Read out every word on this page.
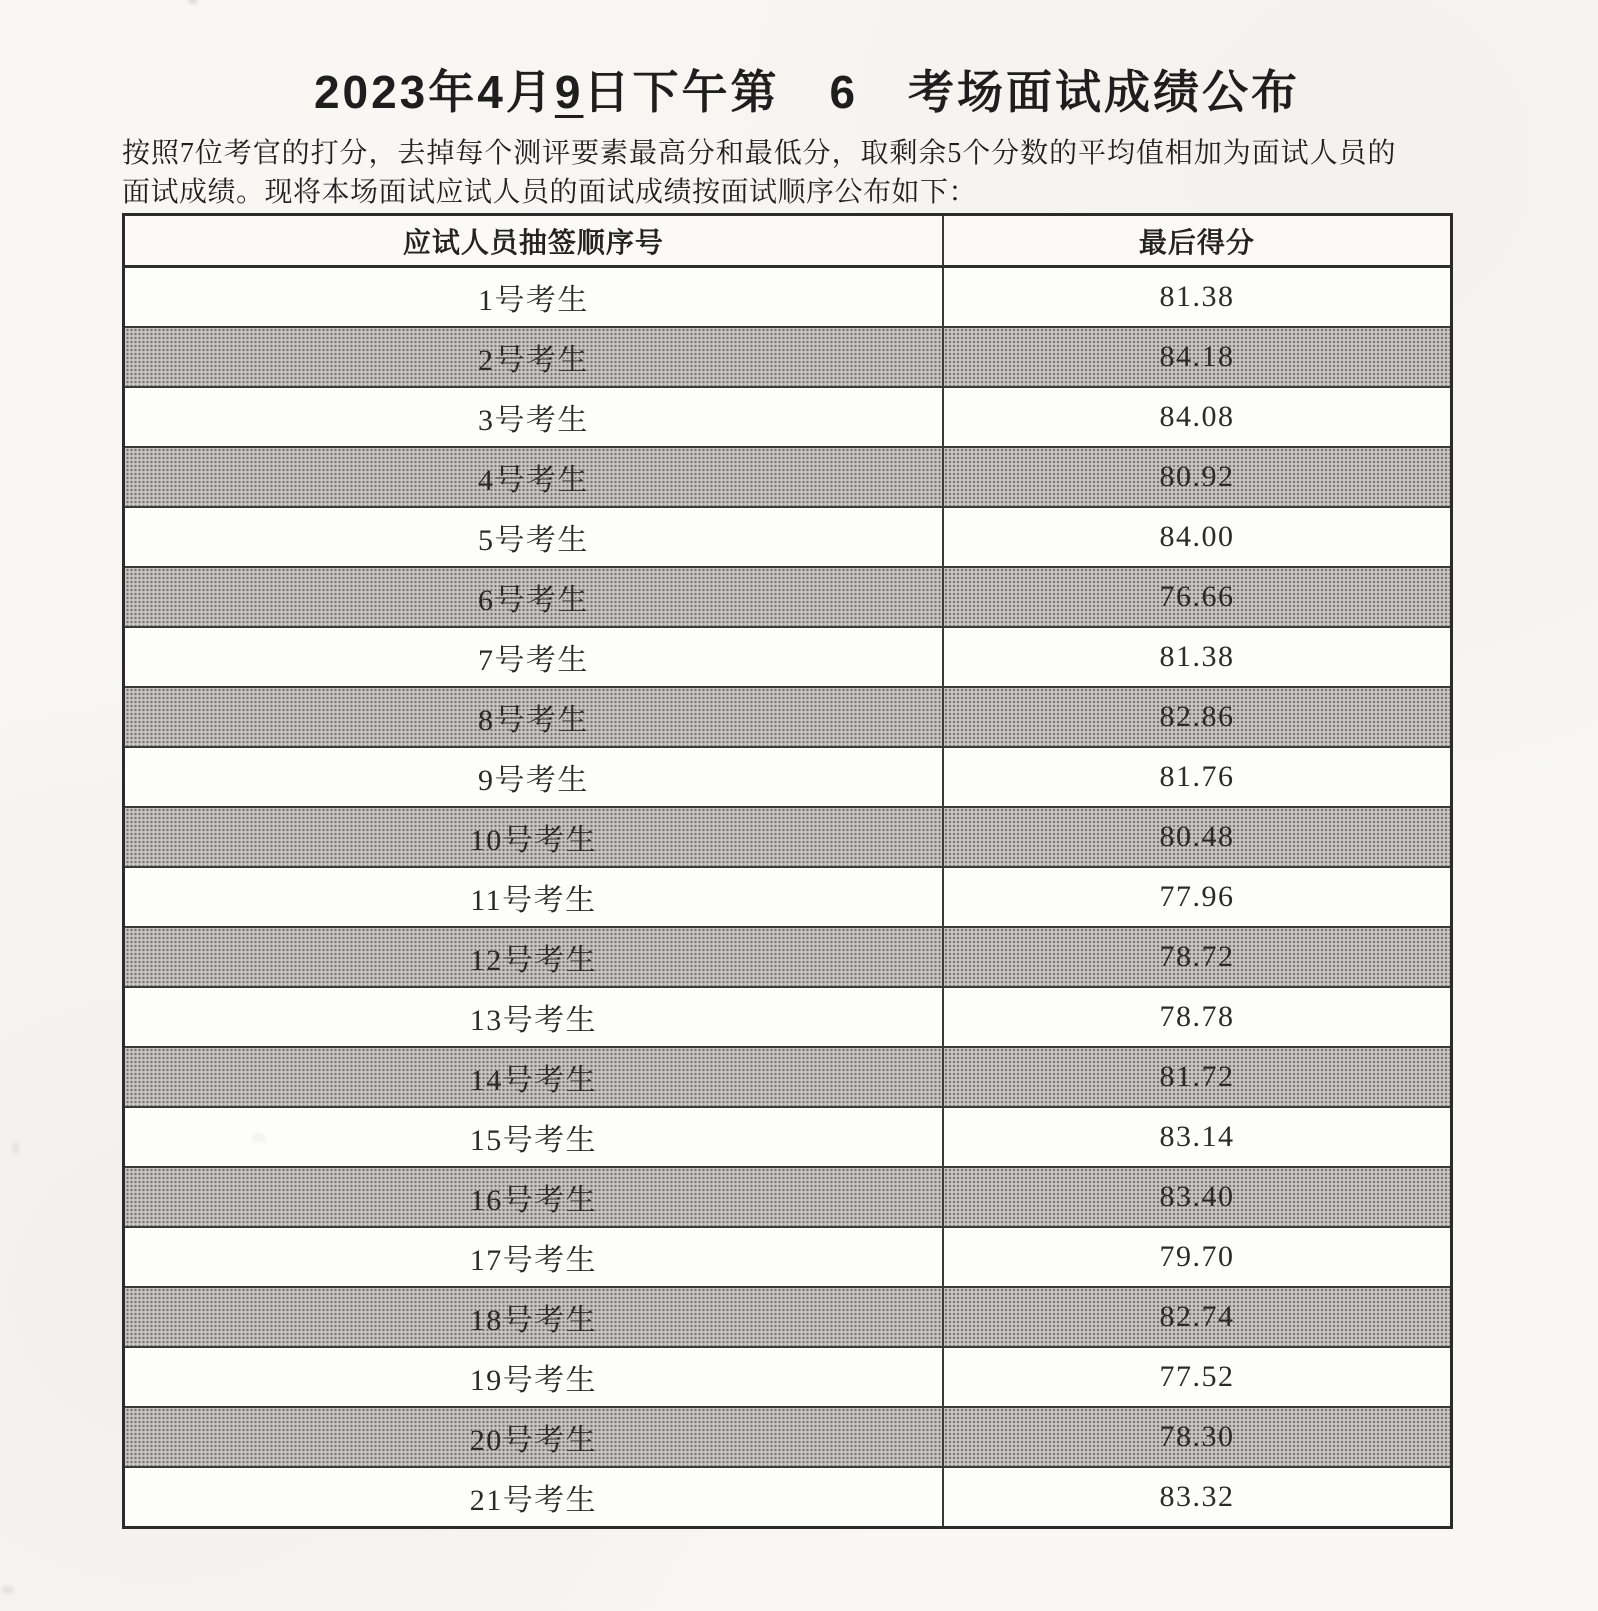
2023年4月9日下午第 6 考场面试成绩公布

按照7位考官的打分，去掉每个测评要素最高分和最低分，取剩余5个分数的平均值相加为面试人员的面试成绩。现将本场面试应试人员的面试成绩按面试顺序公布如下：

应试人员抽签顺序号	最后得分
1号考生	81.38
2号考生	84.18
3号考生	84.08
4号考生	80.92
5号考生	84.00
6号考生	76.66
7号考生	81.38
8号考生	82.86
9号考生	81.76
10号考生	80.48
11号考生	77.96
12号考生	78.72
13号考生	78.78
14号考生	81.72
15号考生	83.14
16号考生	83.40
17号考生	79.70
18号考生	82.74
19号考生	77.52
20号考生	78.30
21号考生	83.32
